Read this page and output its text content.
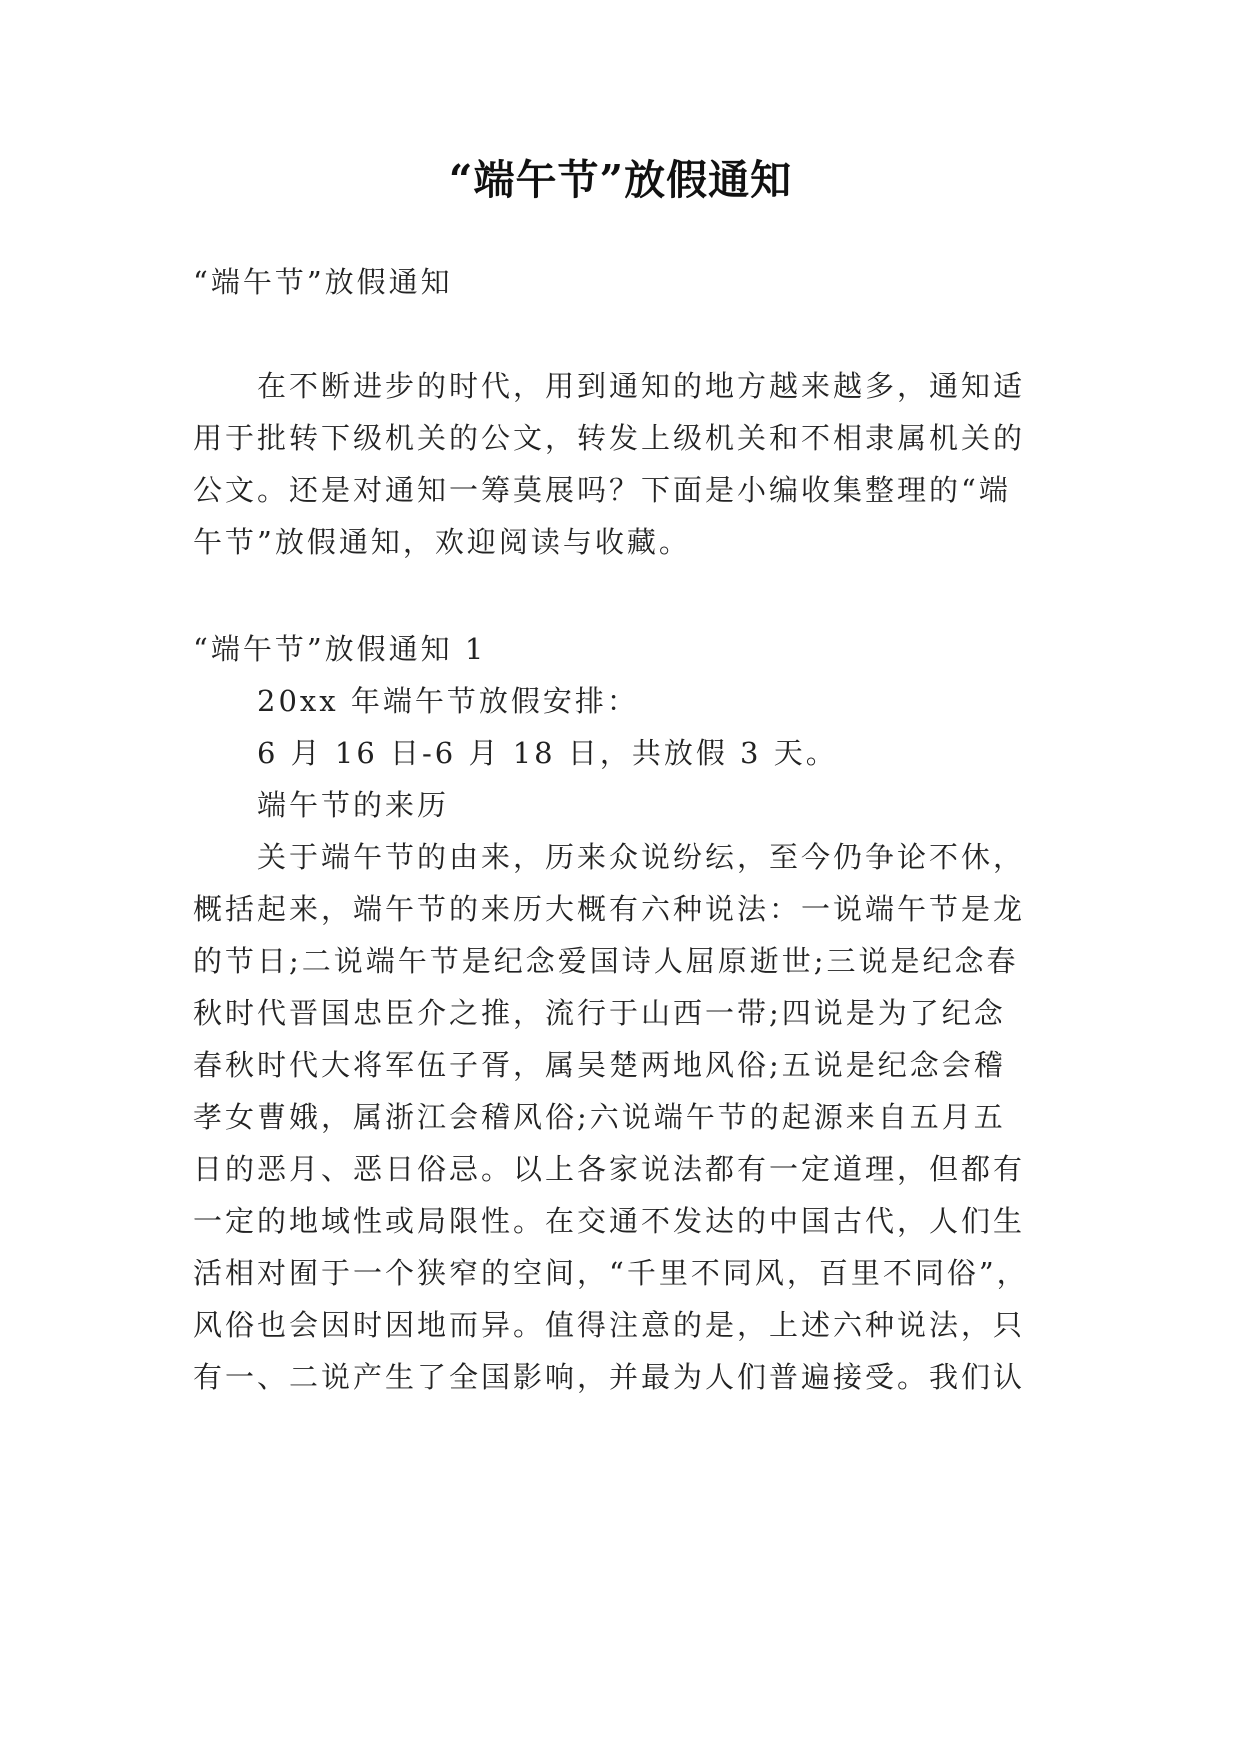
“端午节”放假通知
“端午节”放假通知
在不断进步的时代，用到通知的地方越来越多，通知适
用于批转下级机关的公文，转发上级机关和不相隶属机关的
公文。还是对通知一筹莫展吗？下面是小编收集整理的“端
午节”放假通知，欢迎阅读与收藏。
“端午节”放假通知 1
20xx 年端午节放假安排：
6 月 16 日-6 月 18 日，共放假 3 天。
端午节的来历
关于端午节的由来，历来众说纷纭，至今仍争论不休，
概括起来，端午节的来历大概有六种说法：一说端午节是龙
的节日;二说端午节是纪念爱国诗人屈原逝世;三说是纪念春
秋时代晋国忠臣介之推，流行于山西一带;四说是为了纪念
春秋时代大将军伍子胥，属吴楚两地风俗;五说是纪念会稽
孝女曹娥，属浙江会稽风俗;六说端午节的起源来自五月五
日的恶月、恶日俗忌。以上各家说法都有一定道理，但都有
一定的地域性或局限性。在交通不发达的中国古代，人们生
活相对囿于一个狭窄的空间，“千里不同风，百里不同俗”，
风俗也会因时因地而异。值得注意的是，上述六种说法，只
有一、二说产生了全国影响，并最为人们普遍接受。我们认
